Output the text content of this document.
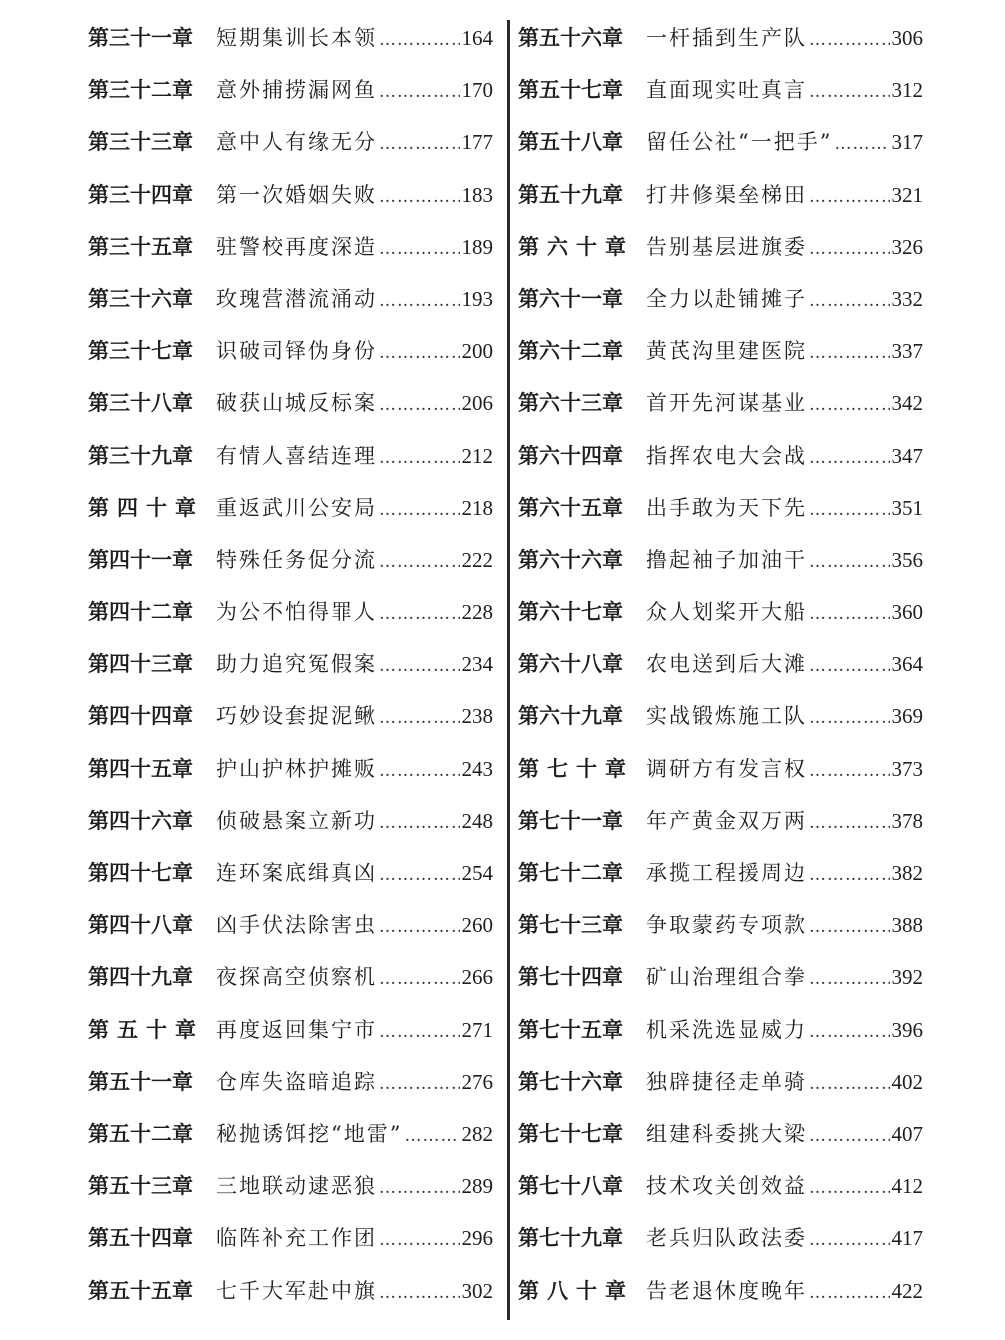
第三十一章	短期集训长本领 …………………………………………	164
第三十二章	意外捕捞漏网鱼 …………………………………………	170
第三十三章	意中人有缘无分 …………………………………………	177
第三十四章	第一次婚姻失败 …………………………………………	183
第三十五章	驻警校再度深造 …………………………………………	189
第三十六章	玫瑰营潜流涌动 …………………………………………	193
第三十七章	识破司铎伪身份 …………………………………………	200
第三十八章	破获山城反标案 …………………………………………	206
第三十九章	有情人喜结连理 …………………………………………	212
第四十章 重返武川公安局 …………………………………………	218
第四十一章	特殊任务促分流 …………………………………………	222
第四十二章	为公不怕得罪人 …………………………………………	228
第四十三章	助力追究冤假案 …………………………………………	234
第四十四章	巧妙设套捉泥鳅 …………………………………………	238
第四十五章	护山护林护摊贩 …………………………………………	243
第四十六章	侦破悬案立新功 …………………………………………	248
第四十七章	连环案底缉真凶 …………………………………………	254
第四十八章	凶手伏法除害虫 …………………………………………	260
第四十九章	夜探高空侦察机 …………………………………………	266
第五十章 再度返回集宁市 …………………………………………	271
第五十一章	仓库失盗暗追踪 …………………………………………	276
第五十二章	秘抛诱饵挖“地雷” …………………………………………	282
第五十三章	三地联动逮恶狼 …………………………………………	289
第五十四章	临阵补充工作团 …………………………………………	296
第五十五章	七千大军赴中旗 …………………………………………	302
第五十六章	一杆插到生产队 …………………………………………	306
第五十七章	直面现实吐真言 …………………………………………	312
第五十八章	留任公社“一把手” …………………………………………	317
第五十九章	打井修渠垒梯田 …………………………………………	321
第六十章 告别基层进旗委 …………………………………………	326
第六十一章	全力以赴铺摊子 …………………………………………	332
第六十二章	黄芪沟里建医院 …………………………………………	337
第六十三章	首开先河谋基业 …………………………………………	342
第六十四章	指挥农电大会战 …………………………………………	347
第六十五章	出手敢为天下先 …………………………………………	351
第六十六章	撸起袖子加油干 …………………………………………	356
第六十七章	众人划桨开大船 …………………………………………	360
第六十八章	农电送到后大滩 …………………………………………	364
第六十九章	实战锻炼施工队 …………………………………………	369
第七十章 调研方有发言权 …………………………………………	373
第七十一章	年产黄金双万两 …………………………………………	378
第七十二章	承揽工程援周边 …………………………………………	382
第七十三章	争取蒙药专项款 …………………………………………	388
第七十四章	矿山治理组合拳 …………………………………………	392
第七十五章	机采洗选显威力 …………………………………………	396
第七十六章	独辟捷径走单骑 …………………………………………	402
第七十七章	组建科委挑大梁 …………………………………………	407
第七十八章	技术攻关创效益 …………………………………………	412
第七十九章	老兵归队政法委 …………………………………………	417
第八十章 告老退休度晚年 …………………………………………	422
